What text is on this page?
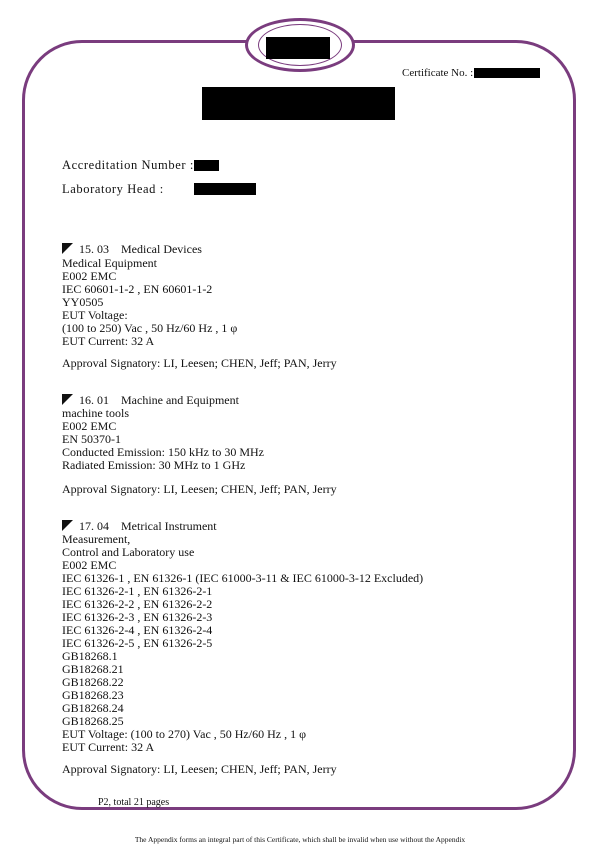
Certificate No. :
Accreditation Number :
Laboratory Head :
15. 03 Medical Devices
Medical Equipment
E002 EMC
IEC 60601-1-2 , EN 60601-1-2
YY0505
EUT Voltage:
(100 to 250) Vac , 50 Hz/60 Hz , 1 φ
EUT Current: 32 A
Approval Signatory: LI, Leesen; CHEN, Jeff; PAN, Jerry
16. 01 Machine and Equipment
machine tools
E002 EMC
EN 50370-1
Conducted Emission: 150 kHz to 30 MHz
Radiated Emission: 30 MHz to 1 GHz
Approval Signatory: LI, Leesen; CHEN, Jeff; PAN, Jerry
17. 04 Metrical Instrument
Measurement,
Control and Laboratory use
E002 EMC
IEC 61326-1 , EN 61326-1 (IEC 61000-3-11 & IEC 61000-3-12 Excluded)
IEC 61326-2-1 , EN 61326-2-1
IEC 61326-2-2 , EN 61326-2-2
IEC 61326-2-3 , EN 61326-2-3
IEC 61326-2-4 , EN 61326-2-4
IEC 61326-2-5 , EN 61326-2-5
GB18268.1
GB18268.21
GB18268.22
GB18268.23
GB18268.24
GB18268.25
EUT Voltage: (100 to 270) Vac , 50 Hz/60 Hz , 1 φ
EUT Current: 32 A
Approval Signatory: LI, Leesen; CHEN, Jeff; PAN, Jerry
P2, total 21 pages
The Appendix forms an integral part of this Certificate, which shall be invalid when use without the Appendix
